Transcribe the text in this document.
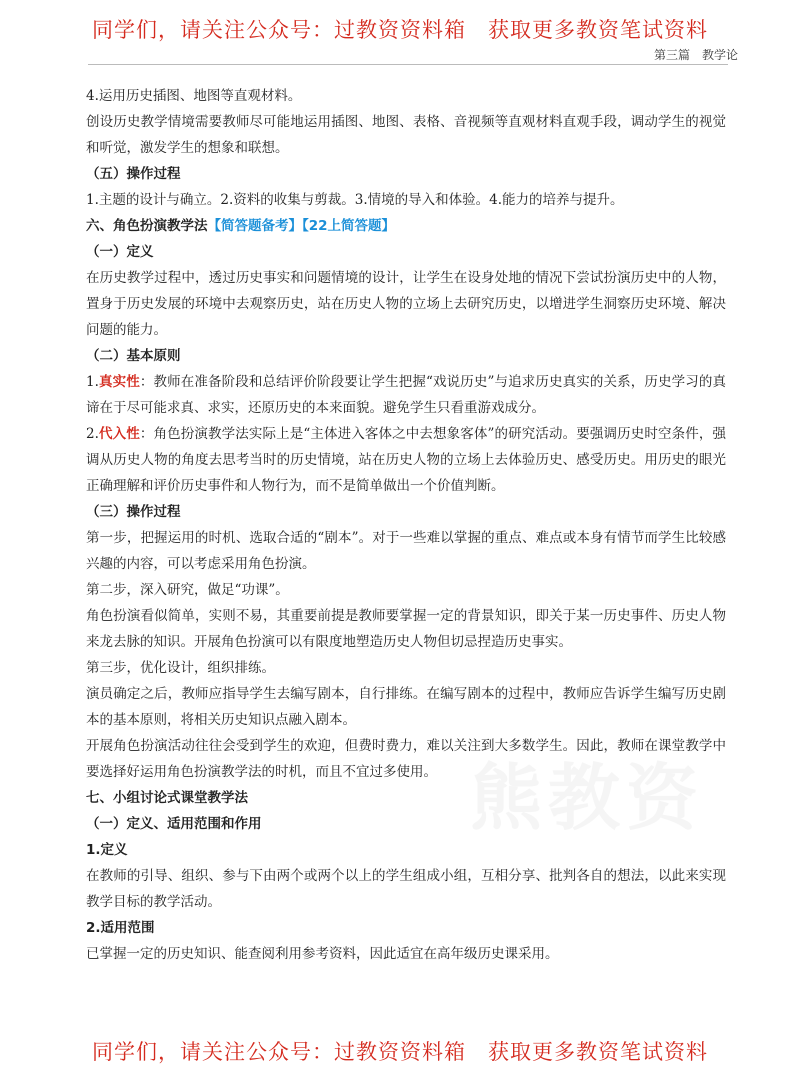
同学们，请关注公众号：过教资资料箱　获取更多教资笔试资料
第三篇　教学论
熊教资

4.运用历史插图、地图等直观材料。

创设历史教学情境需要教师尽可能地运用插图、地图、表格、音视频等直观材料直观手段，调动学生的视觉和听觉，激发学生的想象和联想。

（五）操作过程

1.主题的设计与确立。2.资料的收集与剪裁。3.情境的导入和体验。4.能力的培养与提升。

六、角色扮演教学法【简答题备考】【22上简答题】

（一）定义

在历史教学过程中，透过历史事实和问题情境的设计，让学生在设身处地的情况下尝试扮演历史中的人物，置身于历史发展的环境中去观察历史，站在历史人物的立场上去研究历史，以增进学生洞察历史环境、解决问题的能力。

（二）基本原则

1.真实性：教师在准备阶段和总结评价阶段要让学生把握“戏说历史”与追求历史真实的关系，历史学习的真谛在于尽可能求真、求实，还原历史的本来面貌。避免学生只看重游戏成分。

2.代入性：角色扮演教学法实际上是“主体进入客体之中去想象客体”的研究活动。要强调历史时空条件，强调从历史人物的角度去思考当时的历史情境，站在历史人物的立场上去体验历史、感受历史。用历史的眼光正确理解和评价历史事件和人物行为，而不是简单做出一个价值判断。

（三）操作过程

第一步，把握运用的时机、选取合适的“剧本”。对于一些难以掌握的重点、难点或本身有情节而学生比较感兴趣的内容，可以考虑采用角色扮演。

第二步，深入研究，做足“功课”。

角色扮演看似简单，实则不易，其重要前提是教师要掌握一定的背景知识，即关于某一历史事件、历史人物来龙去脉的知识。开展角色扮演可以有限度地塑造历史人物但切忌捏造历史事实。

第三步，优化设计，组织排练。

演员确定之后，教师应指导学生去编写剧本，自行排练。在编写剧本的过程中，教师应告诉学生编写历史剧本的基本原则，将相关历史知识点融入剧本。

开展角色扮演活动往往会受到学生的欢迎，但费时费力，难以关注到大多数学生。因此，教师在课堂教学中要选择好运用角色扮演教学法的时机，而且不宜过多使用。

七、小组讨论式课堂教学法

（一）定义、适用范围和作用

1.定义

在教师的引导、组织、参与下由两个或两个以上的学生组成小组，互相分享、批判各自的想法，以此来实现教学目标的教学活动。

2.适用范围

已掌握一定的历史知识、能查阅利用参考资料，因此适宜在高年级历史课采用。

同学们，请关注公众号：过教资资料箱　获取更多教资笔试资料
